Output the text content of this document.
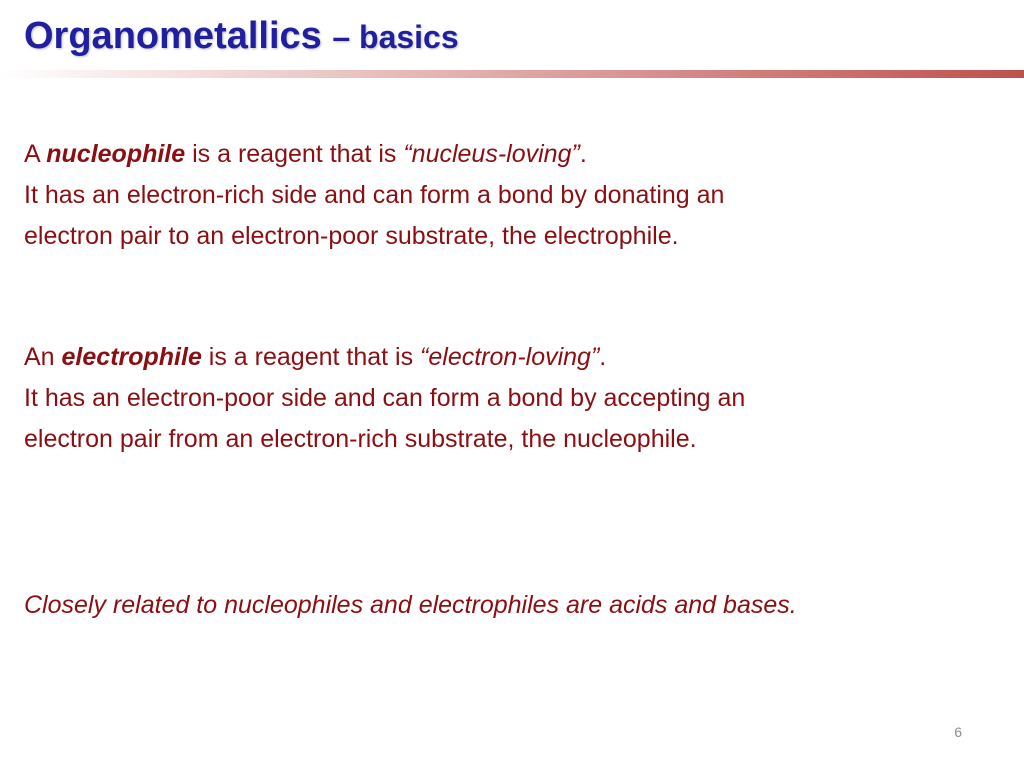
Organometallics – basics

A nucleophile is a reagent that is “nucleus-loving”.
It has an electron-rich side and can form a bond by donating an
electron pair to an electron-poor substrate, the electrophile.

An electrophile is a reagent that is “electron-loving”.
It has an electron-poor side and can form a bond by accepting an
electron pair from an electron-rich substrate, the nucleophile.

Closely related to nucleophiles and electrophiles are acids and bases.

6
